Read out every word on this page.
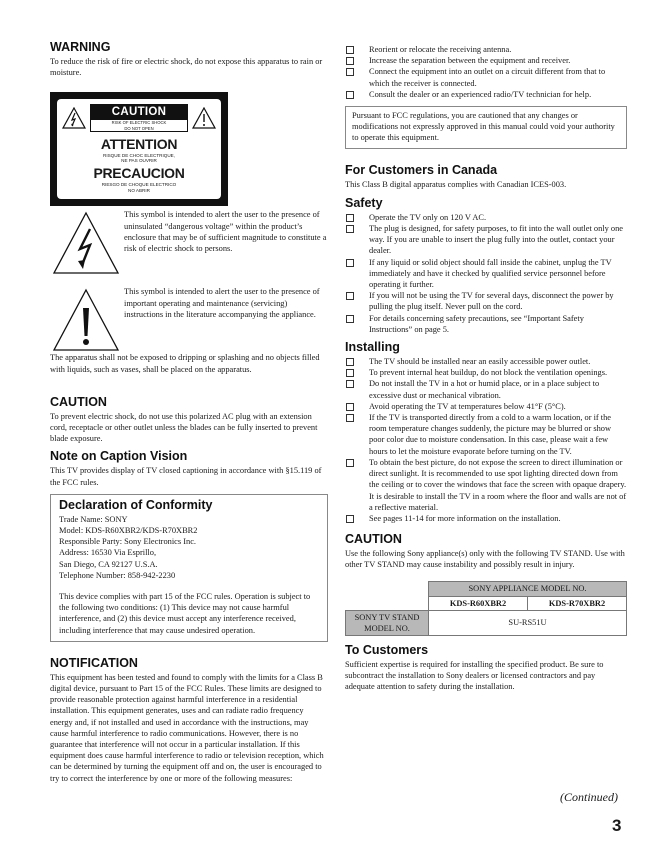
WARNING

To reduce the risk of fire or electric shock, do not expose this apparatus to rain or moisture.

CAUTION
RISK OF ELECTRIC SHOCK
DO NOT OPEN
ATTENTION
RISQUE DE CHOC ELECTRIQUE,
NE PAS OUVRIR
PRECAUCION
RIESGO DE CHOQUE ELECTRICO
NO ABRIR

This symbol is intended to alert the user to the presence of uninsulated “dangerous voltage” within the product’s enclosure that may be of sufficient magnitude to constitute a risk of electric shock to persons.

This symbol is intended to alert the user to the presence of important operating and maintenance (servicing) instructions in the literature accompanying the appliance.

The apparatus shall not be exposed to dripping or splashing and no objects filled with liquids, such as vases, shall be placed on the apparatus.

CAUTION

To prevent electric shock, do not use this polarized AC plug with an extension cord, receptacle or other outlet unless the blades can be fully inserted to prevent blade exposure.

Note on Caption Vision

This TV provides display of TV closed captioning in accordance with §15.119 of the FCC rules.

Declaration of Conformity

Trade Name: SONY

Model: KDS-R60XBR2/KDS-R70XBR2

Responsible Party: Sony Electronics Inc.

Address: 16530 Via Esprillo,

San Diego, CA 92127 U.S.A.

Telephone Number: 858-942-2230

This device complies with part 15 of the FCC rules. Operation is subject to the following two conditions: (1) This device may not cause harmful interference, and (2) this device must accept any interference received, including interference that may cause undesired operation.

NOTIFICATION

This equipment has been tested and found to comply with the limits for a Class B digital device, pursuant to Part 15 of the FCC Rules. These limits are designed to provide reasonable protection against harmful interference in a residential installation. This equipment generates, uses and can radiate radio frequency energy and, if not installed and used in accordance with the instructions, may cause harmful interference to radio communications. However, there is no guarantee that interference will not occur in a particular installation. If this equipment does cause harmful interference to radio or television reception, which can be determined by turning the equipment off and on, the user is encouraged to try to correct the interference by one or more of the following measures:

Reorient or relocate the receiving antenna.
Increase the separation between the equipment and receiver.
Connect the equipment into an outlet on a circuit different from that to which the receiver is connected.
Consult the dealer or an experienced radio/TV technician for help.

Pursuant to FCC regulations, you are cautioned that any changes or modifications not expressly approved in this manual could void your authority to operate this equipment.

For Customers in Canada

This Class B digital apparatus complies with Canadian ICES-003.

Safety
Operate the TV only on 120 V AC.
The plug is designed, for safety purposes, to fit into the wall outlet only one way. If you are unable to insert the plug fully into the outlet, contact your dealer.
If any liquid or solid object should fall inside the cabinet, unplug the TV immediately and have it checked by qualified service personnel before operating it further.
If you will not be using the TV for several days, disconnect the power by pulling the plug itself. Never pull on the cord.
For details concerning safety precautions, see “Important Safety Instructions” on page 5.
Installing
The TV should be installed near an easily accessible power outlet.
To prevent internal heat buildup, do not block the ventilation openings.
Do not install the TV in a hot or humid place, or in a place subject to excessive dust or mechanical vibration.
Avoid operating the TV at temperatures below 41°F (5°C).
If the TV is transported directly from a cold to a warm location, or if the room temperature changes suddenly, the picture may be blurred or show poor color due to moisture condensation. In this case, please wait a few hours to let the moisture evaporate before turning on the TV.
To obtain the best picture, do not expose the screen to direct illumination or direct sunlight. It is recommended to use spot lighting directed down from the ceiling or to cover the windows that face the screen with opaque drapery. It is desirable to install the TV in a room where the floor and walls are not of a reflective material.
See pages 11-14 for more information on the installation.
CAUTION

Use the following Sony appliance(s) only with the following TV STAND. Use with other TV STAND may cause instability and possibly result in injury.

	SONY APPLIANCE MODEL NO.	
	KDS-R60XBR2	KDS-R70XBR2
SONY TV STAND MODEL NO.	SU-RS51U	
To Customers

Sufficient expertise is required for installing the specified product. Be sure to subcontract the installation to Sony dealers or licensed contractors and pay adequate attention to safety during the installation.

(Continued)
3
